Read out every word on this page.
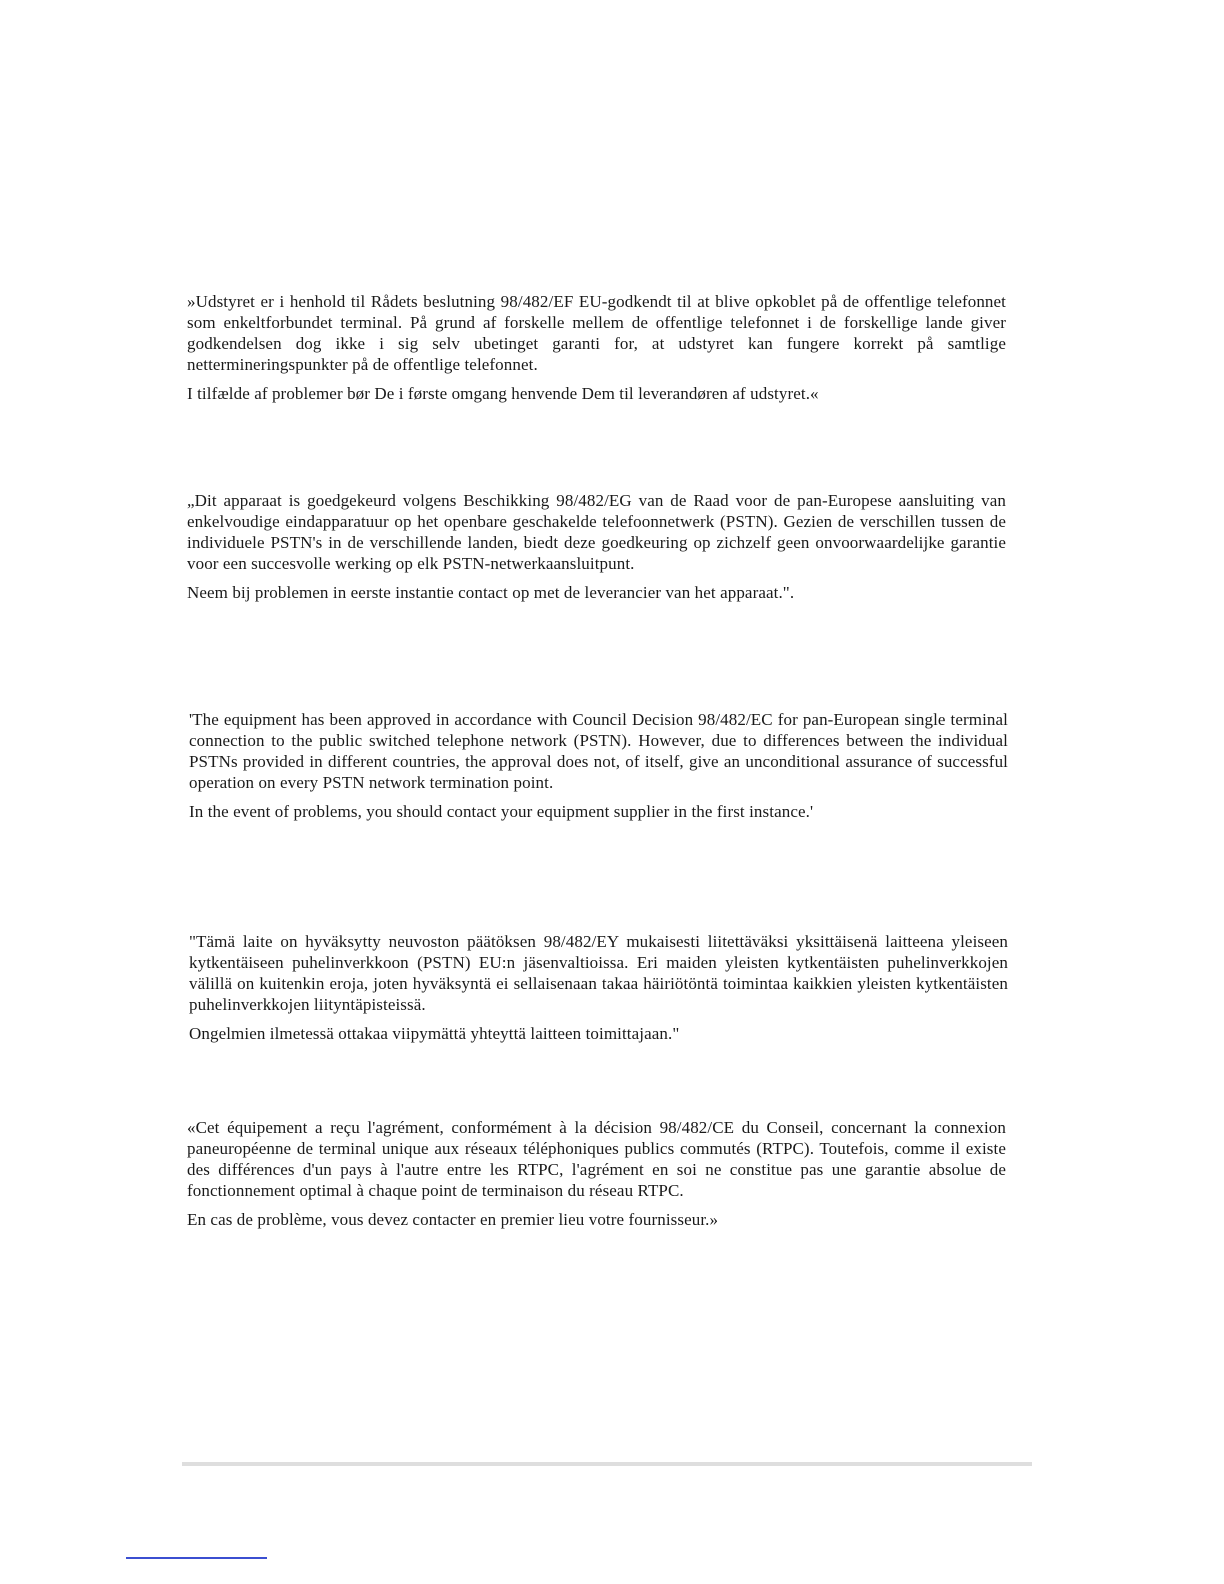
»Udstyret er i henhold til Rådets beslutning 98/482/EF EU-godkendt til at blive opkoblet på de offentlige telefonnet som enkeltforbundet terminal. På grund af forskelle mellem de offentlige telefonnet i de forskellige lande giver godkendelsen dog ikke i sig selv ubetinget garanti for, at udstyret kan fungere korrekt på samtlige nettermineringspunkter på de offentlige telefonnet.

I tilfælde af problemer bør De i første omgang henvende Dem til leverandøren af udstyret.«

„Dit apparaat is goedgekeurd volgens Beschikking 98/482/EG van de Raad voor de pan-Europese aansluiting van enkelvoudige eindapparatuur op het openbare geschakelde telefoonnetwerk (PSTN). Gezien de verschillen tussen de individuele PSTN's in de verschillende landen, biedt deze goedkeuring op zichzelf geen onvoorwaardelijke garantie voor een succesvolle werking op elk PSTN-netwerkaansluitpunt.

Neem bij problemen in eerste instantie contact op met de leverancier van het apparaat.".

'The equipment has been approved in accordance with Council Decision 98/482/EC for pan-European single terminal connection to the public switched telephone network (PSTN). However, due to differences between the individual PSTNs provided in different countries, the approval does not, of itself, give an unconditional assurance of successful operation on every PSTN network termination point.

In the event of problems, you should contact your equipment supplier in the first instance.'

"Tämä laite on hyväksytty neuvoston päätöksen 98/482/EY mukaisesti liitettäväksi yksittäisenä laitteena yleiseen kytkentäiseen puhelinverkkoon (PSTN) EU:n jäsenvaltioissa. Eri maiden yleisten kytkentäisten puhelinverkkojen välillä on kuitenkin eroja, joten hyväksyntä ei sellaisenaan takaa häiriötöntä toimintaa kaikkien yleisten kytkentäisten puhelinverkkojen liityntäpisteissä.

Ongelmien ilmetessä ottakaa viipymättä yhteyttä laitteen toimittajaan."

«Cet équipement a reçu l'agrément, conformément à la décision 98/482/CE du Conseil, concernant la connexion paneuropéenne de terminal unique aux réseaux téléphoniques publics commutés (RTPC). Toutefois, comme il existe des différences d'un pays à l'autre entre les RTPC, l'agrément en soi ne constitue pas une garantie absolue de fonctionnement optimal à chaque point de terminaison du réseau RTPC.

En cas de problème, vous devez contacter en premier lieu votre fournisseur.»
